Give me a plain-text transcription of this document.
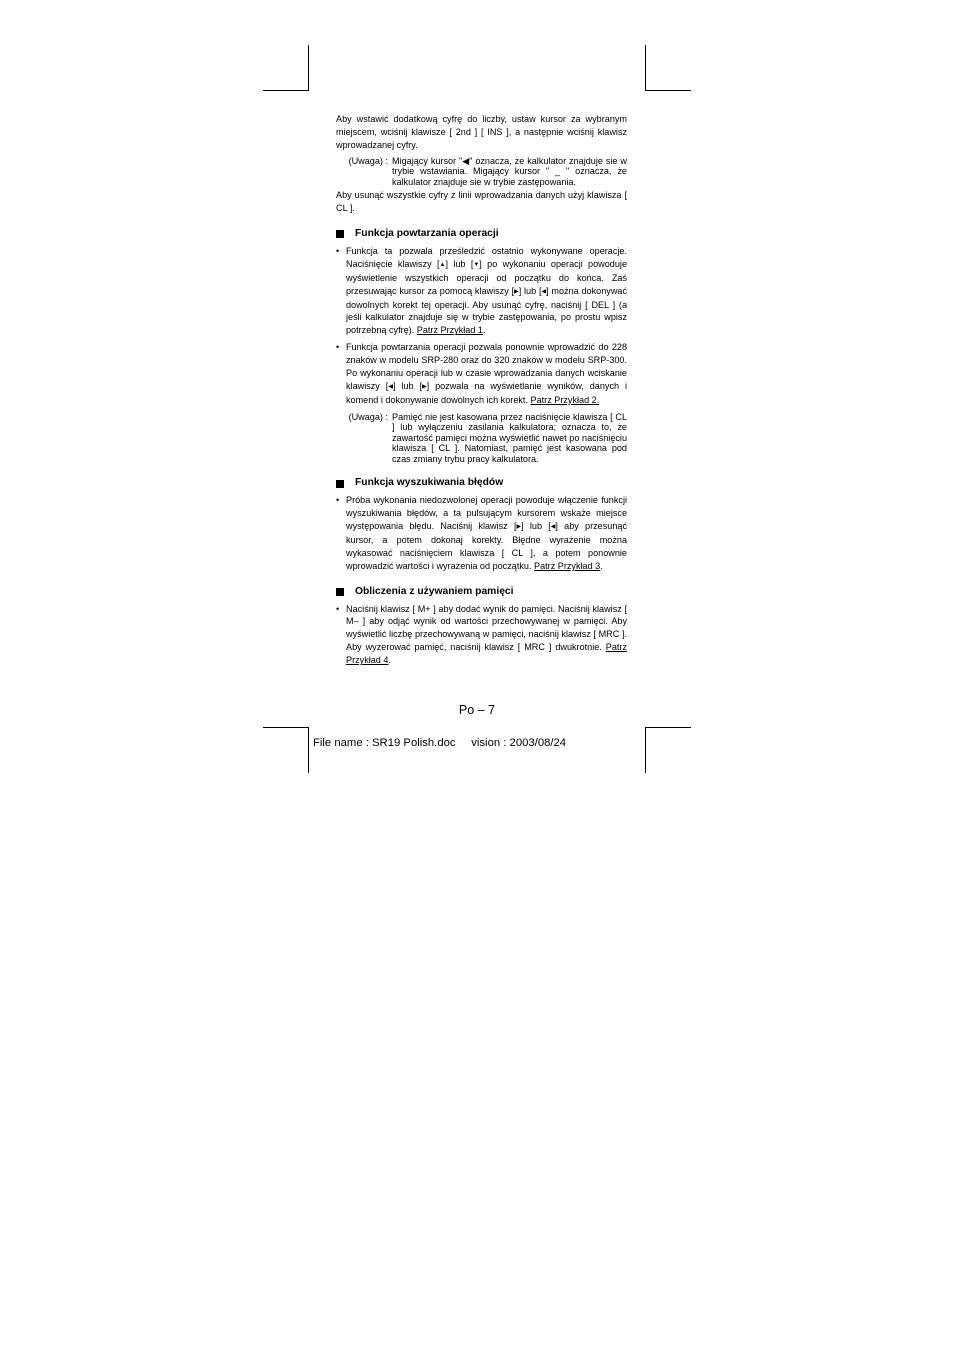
Aby wstawić dodatkową cyfrę do liczby, ustaw kursor za wybranym miejscem, wciśnij klawisze [ 2nd ] [ INS ], a następnie wciśnij klawisz wprowadzanej cyfry.

(Uwaga) : Migający kursor "◀" oznacza, że kalkulator znajduje sie w trybie wstawiania. Migający kursor " _ " oznacza, że kalkulator znajduje sie w trybie zastępowania.

Aby usunąć wszystkie cyfry z linii wprowadzania danych użyj klawisza [ CL ].

Funkcja powtarzania operacji
• Funkcja ta pozwala prześledzić ostatnio wykonywane operacje. Naciśnięcie klawiszy [▲] lub [▼] po wykonaniu operacji powoduje wyświetlenie wszystkich operacji od początku do końca. Zaś przesuwając kursor za pomocą klawiszy [▶] lub [◀] można dokonywać dowolnych korekt tej operacji. Aby usunąć cyfrę, naciśnij [ DEL ] (a jeśli kalkulator znajduje się w trybie zastępowania, po prostu wpisz potrzebną cyfrę). Patrz Przykład 1.
• Funkcja powtarzania operacji pozwala ponownie wprowadzić do 228 znaków w modelu SRP-280 oraz do 320 znaków w modelu SRP-300. Po wykonaniu operacji lub w czasie wprowadzania danych wciskanie klawiszy [◀] lub [▶] pozwala na wyświetlanie wyników, danych i komend i dokonywanie dowolnych ich korekt. Patrz Przykład 2.
(Uwaga) : Pamięć nie jest kasowana przez naciśnięcie klawisza [ CL ] lub wyłączeniu zasilania kalkulatora; oznacza to, że zawartość pamięci można wyświetlić nawet po naciśnięciu klawisza [ CL ]. Natomiast, pamięć jest kasowana pod czas zmiany trybu pracy kalkulatora.
Funkcja wyszukiwania błędów
• Próba wykonania niedozwolonej operacji powoduje włączenie funkcji wyszukiwania błędów, a ta pulsującym kursorem wskaże miejsce występowania błędu. Naciśnij klawisz [▶] lub [◀] aby przesunąć kursor, a potem dokonaj korekty. Błędne wyrażenie można wykasować naciśnięciem klawisza [ CL ], a potem ponownie wprowadzić wartości i wyrażenia od początku. Patrz Przykład 3.
Obliczenia z używaniem pamięci
• Naciśnij klawisz [ M+ ] aby dodać wynik do pamięci. Naciśnij klawisz [ M– ] aby odjąć wynik od wartości przechowywanej w pamięci. Aby wyświetlić liczbę przechowywaną w pamięci, naciśnij klawisz [ MRC ]. Aby wyzerować pamięć, naciśnij klawisz [ MRC ] dwukrotnie. Patrz Przykład 4.
Po – 7
File name : SR19 Polish.doc vision : 2003/08/24
